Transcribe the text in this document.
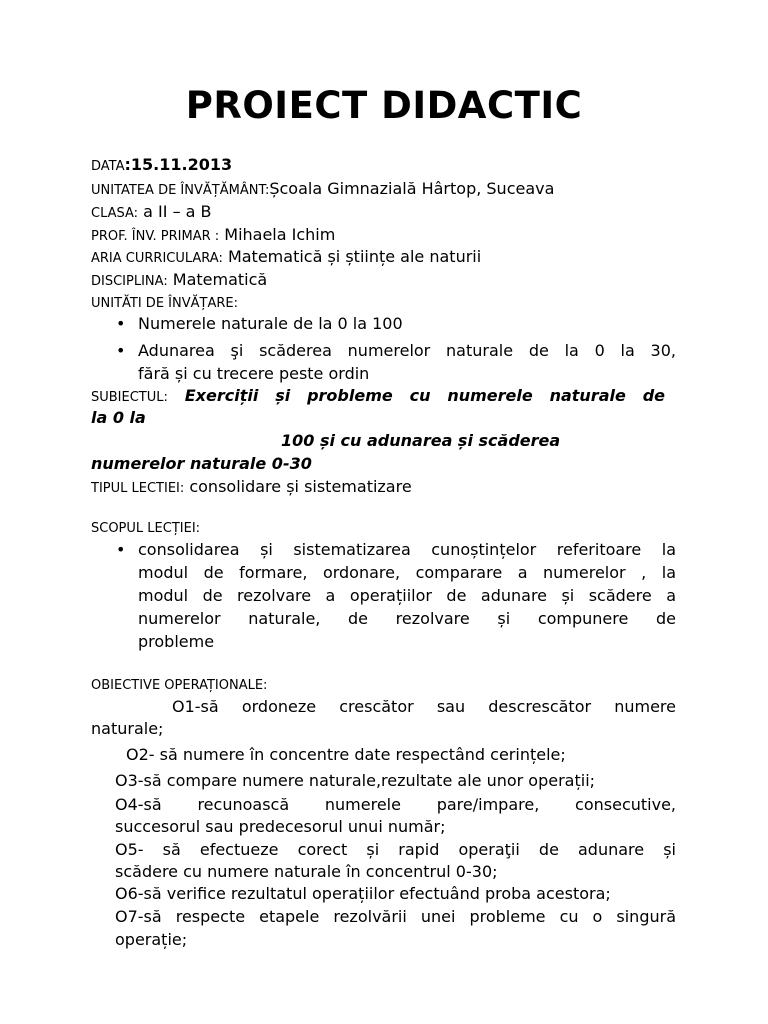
PROIECT DIDACTIC
DATA:15.11.2013
UNITATEA DE ÎNVĂȚĂMÂNT:Școala Gimnazială Hârtop, Suceava
CLASA: a II – a B
PROF. ÎNV. PRIMAR : Mihaela Ichim
ARIA CURRICULARA: Matematică și științe ale naturii
DISCIPLINA: Matematică
UNITĂTI DE ÎNVĂȚARE:
• Numerele naturale de la 0 la 100
• Adunarea şi scăderea numerelor naturale de la 0 la 30,
fără și cu trecere peste ordin
SUBIECTUL: Exerciții și probleme cu numerele naturale de
la 0 la
100 și cu adunarea și scăderea
numerelor naturale 0-30
TIPUL LECTIEI: consolidare și sistematizare
SCOPUL LECȚIEI:
• consolidarea și sistematizarea cunoștințelor referitoare la
modul de formare, ordonare, comparare a numerelor , la
modul de rezolvare a operațiilor de adunare și scădere a
numerelor naturale, de rezolvare și compunere de
probleme
OBIECTIVE OPERAȚIONALE:
O1-să ordoneze crescător sau descrescător numere
naturale;
O2- să numere în concentre date respectând cerințele;
O3-să compare numere naturale,rezultate ale unor operații;
O4-să recunoască numerele pare/impare, consecutive,
succesorul sau predecesorul unui număr;
O5- să efectueze corect și rapid operaţii de adunare și
scădere cu numere naturale în concentrul 0-30;
O6-să verifice rezultatul operațiilor efectuând proba acestora;
O7-să respecte etapele rezolvării unei probleme cu o singură
operație;
